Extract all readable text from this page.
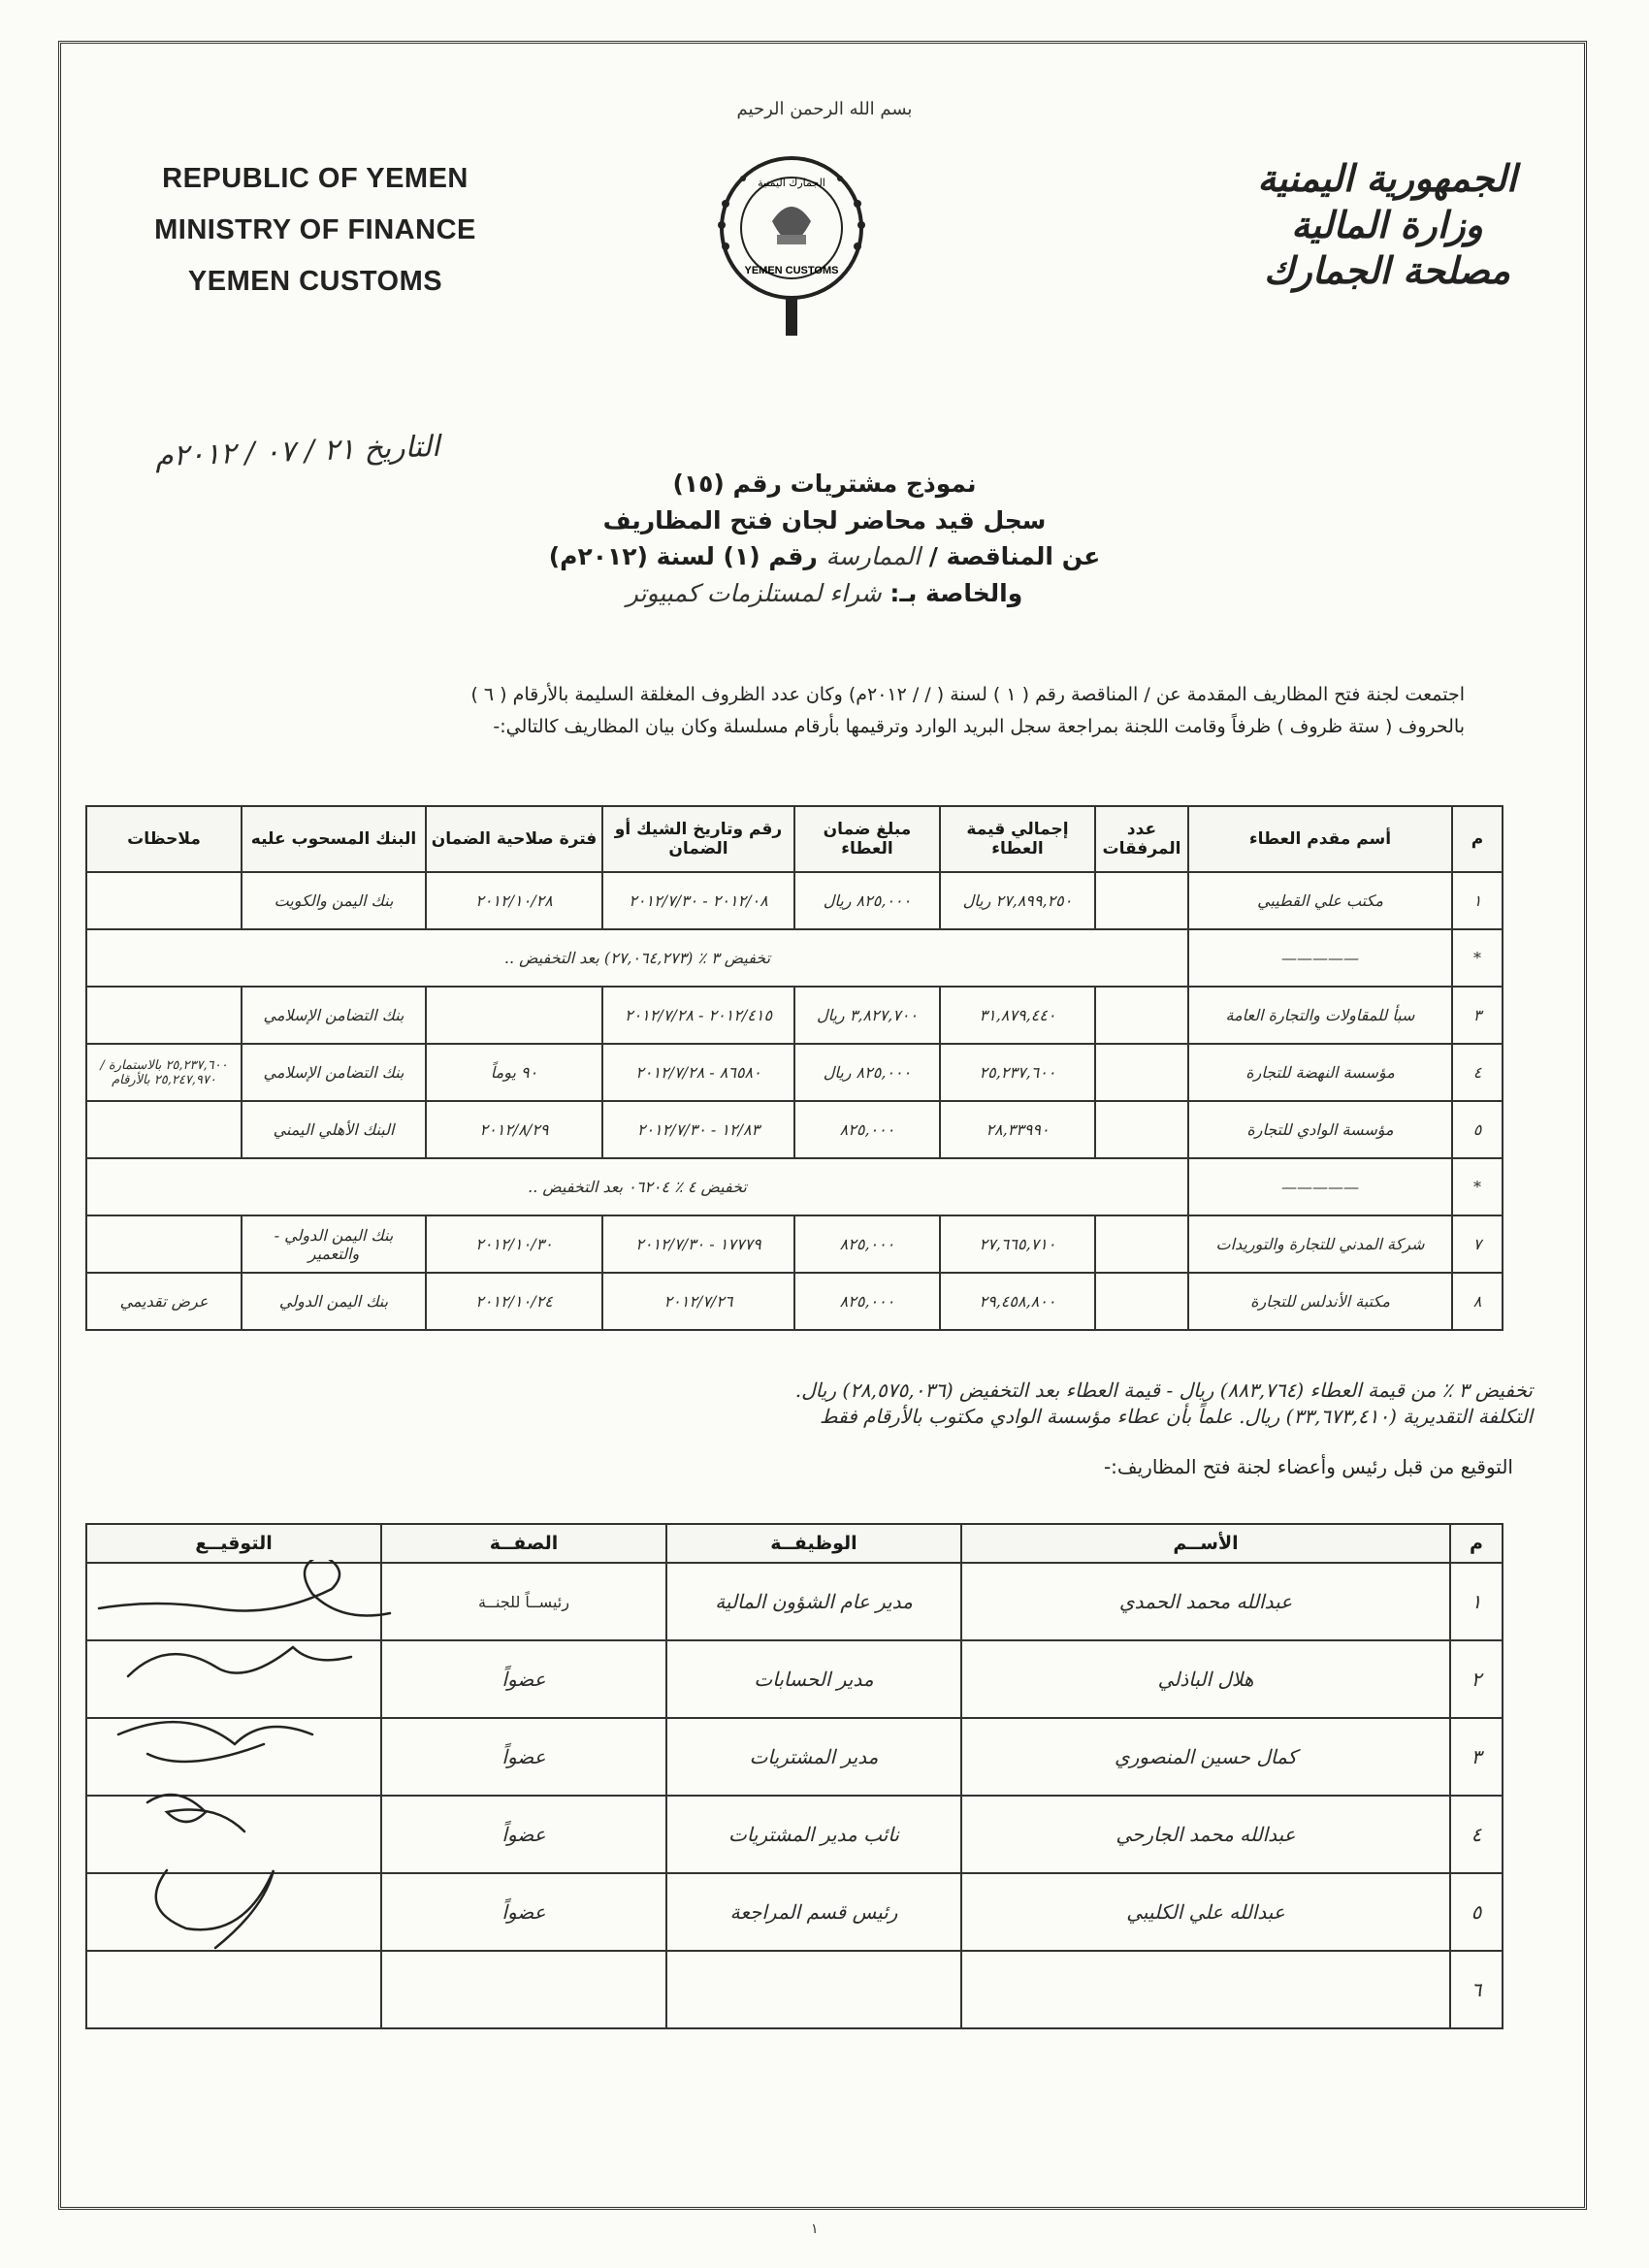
REPUBLIC OF YEMEN
MINISTRY OF FINANCE
YEMEN CUSTOMS
بسم الله الرحمن الرحيم
الجمارك اليمنية
YEMEN CUSTOMS
الجمهورية اليمنية
وزارة المالية
مصلحة الجمارك
التاريخ ٢١ / ٠٧ / ٢٠١٢م
نموذج مشتريات رقم (١٥)
سجل قيد محاضر لجان فتح المظاريف
عن المناقصة / الممارسة رقم (١) لسنة (٢٠١٢م)
والخاصة بـ: شراء لمستلزمات كمبيوتر
اجتمعت لجنة فتح المظاريف المقدمة عن / المناقصة رقم ( ١ ) لسنة ( / / ٢٠١٢م) وكان عدد الظروف المغلقة السليمة بالأرقام ( ٦ )
بالحروف ( ستة ظروف ) ظرفاً وقامت اللجنة بمراجعة سجل البريد الوارد وترقيمها بأرقام مسلسلة وكان بيان المظاريف كالتالي:-
م	أسم مقدم العطاء	عدد المرفقات	إجمالي قيمة العطاء	مبلغ ضمان العطاء	رقم وتاريخ الشيك أو الضمان	فترة صلاحية الضمان	البنك المسحوب عليه	ملاحظات
١	مكتب علي القطيبي		٢٧,٨٩٩,٢٥٠ ريال	٨٢٥,٠٠٠ ريال	٢٠١٢/٠٨ - ٢٠١٢/٧/٣٠	٢٠١٢/١٠/٢٨	بنك اليمن والكويت	
*	—————	تخفيض ٣ ٪ (٢٧,٠٦٤,٢٧٣) بعد التخفيض ..						
٣	سبأ للمقاولات والتجارة العامة		٣١,٨٧٩,٤٤٠	٣,٨٢٧,٧٠٠ ريال	٢٠١٢/٤١٥ - ٢٠١٢/٧/٢٨		بنك التضامن الإسلامي	
٤	مؤسسة النهضة للتجارة		٢٥,٢٣٧,٦٠٠	٨٢٥,٠٠٠ ريال	٨٦٥٨٠ - ٢٠١٢/٧/٢٨	٩٠ يوماً	بنك التضامن الإسلامي	٢٥,٢٣٧,٦٠٠ بالاستمارة / ٢٥,٢٤٧,٩٧٠ بالأرقام
٥	مؤسسة الوادي للتجارة		٢٨,٣٣٩٩٠	٨٢٥,٠٠٠	١٢/٨٣ - ٢٠١٢/٧/٣٠	٢٠١٢/٨/٢٩	البنك الأهلي اليمني	
*	—————	تخفيض ٤ ٪ ٠٦٢٠٤ بعد التخفيض ..						
٧	شركة المدني للتجارة والتوريدات		٢٧,٦٦٥,٧١٠	٨٢٥,٠٠٠	١٧٧٧٩ - ٢٠١٢/٧/٣٠	٢٠١٢/١٠/٣٠	بنك اليمن الدولي - والتعمير	
٨	مكتبة الأندلس للتجارة		٢٩,٤٥٨,٨٠٠	٨٢٥,٠٠٠	٢٠١٢/٧/٢٦	٢٠١٢/١٠/٢٤	بنك اليمن الدولي	عرض تقديمي
تخفيض ٣ ٪ من قيمة العطاء (٨٨٣,٧٦٤) ريال - قيمة العطاء بعد التخفيض (٢٨,٥٧٥,٠٣٦) ريال.
التكلفة التقديرية (٣٣,٦٧٣,٤١٠) ريال. علماً بأن عطاء مؤسسة الوادي مكتوب بالأرقام فقط
التوقيع من قبل رئيس وأعضاء لجنة فتح المظاريف:-
م	الأســم	الوظيفــة	الصفــة	التوقيــع
١	عبدالله محمد الحمدي	مدير عام الشؤون المالية	رئيســاً للجنــة	
٢	هلال الباذلي	مدير الحسابات	عضواً	
٣	كمال حسين المنصوري	مدير المشتريات	عضواً	
٤	عبدالله محمد الجارحي	نائب مدير المشتريات	عضواً	
٥	عبدالله علي الكليبي	رئيس قسم المراجعة	عضواً	
٦				
١
